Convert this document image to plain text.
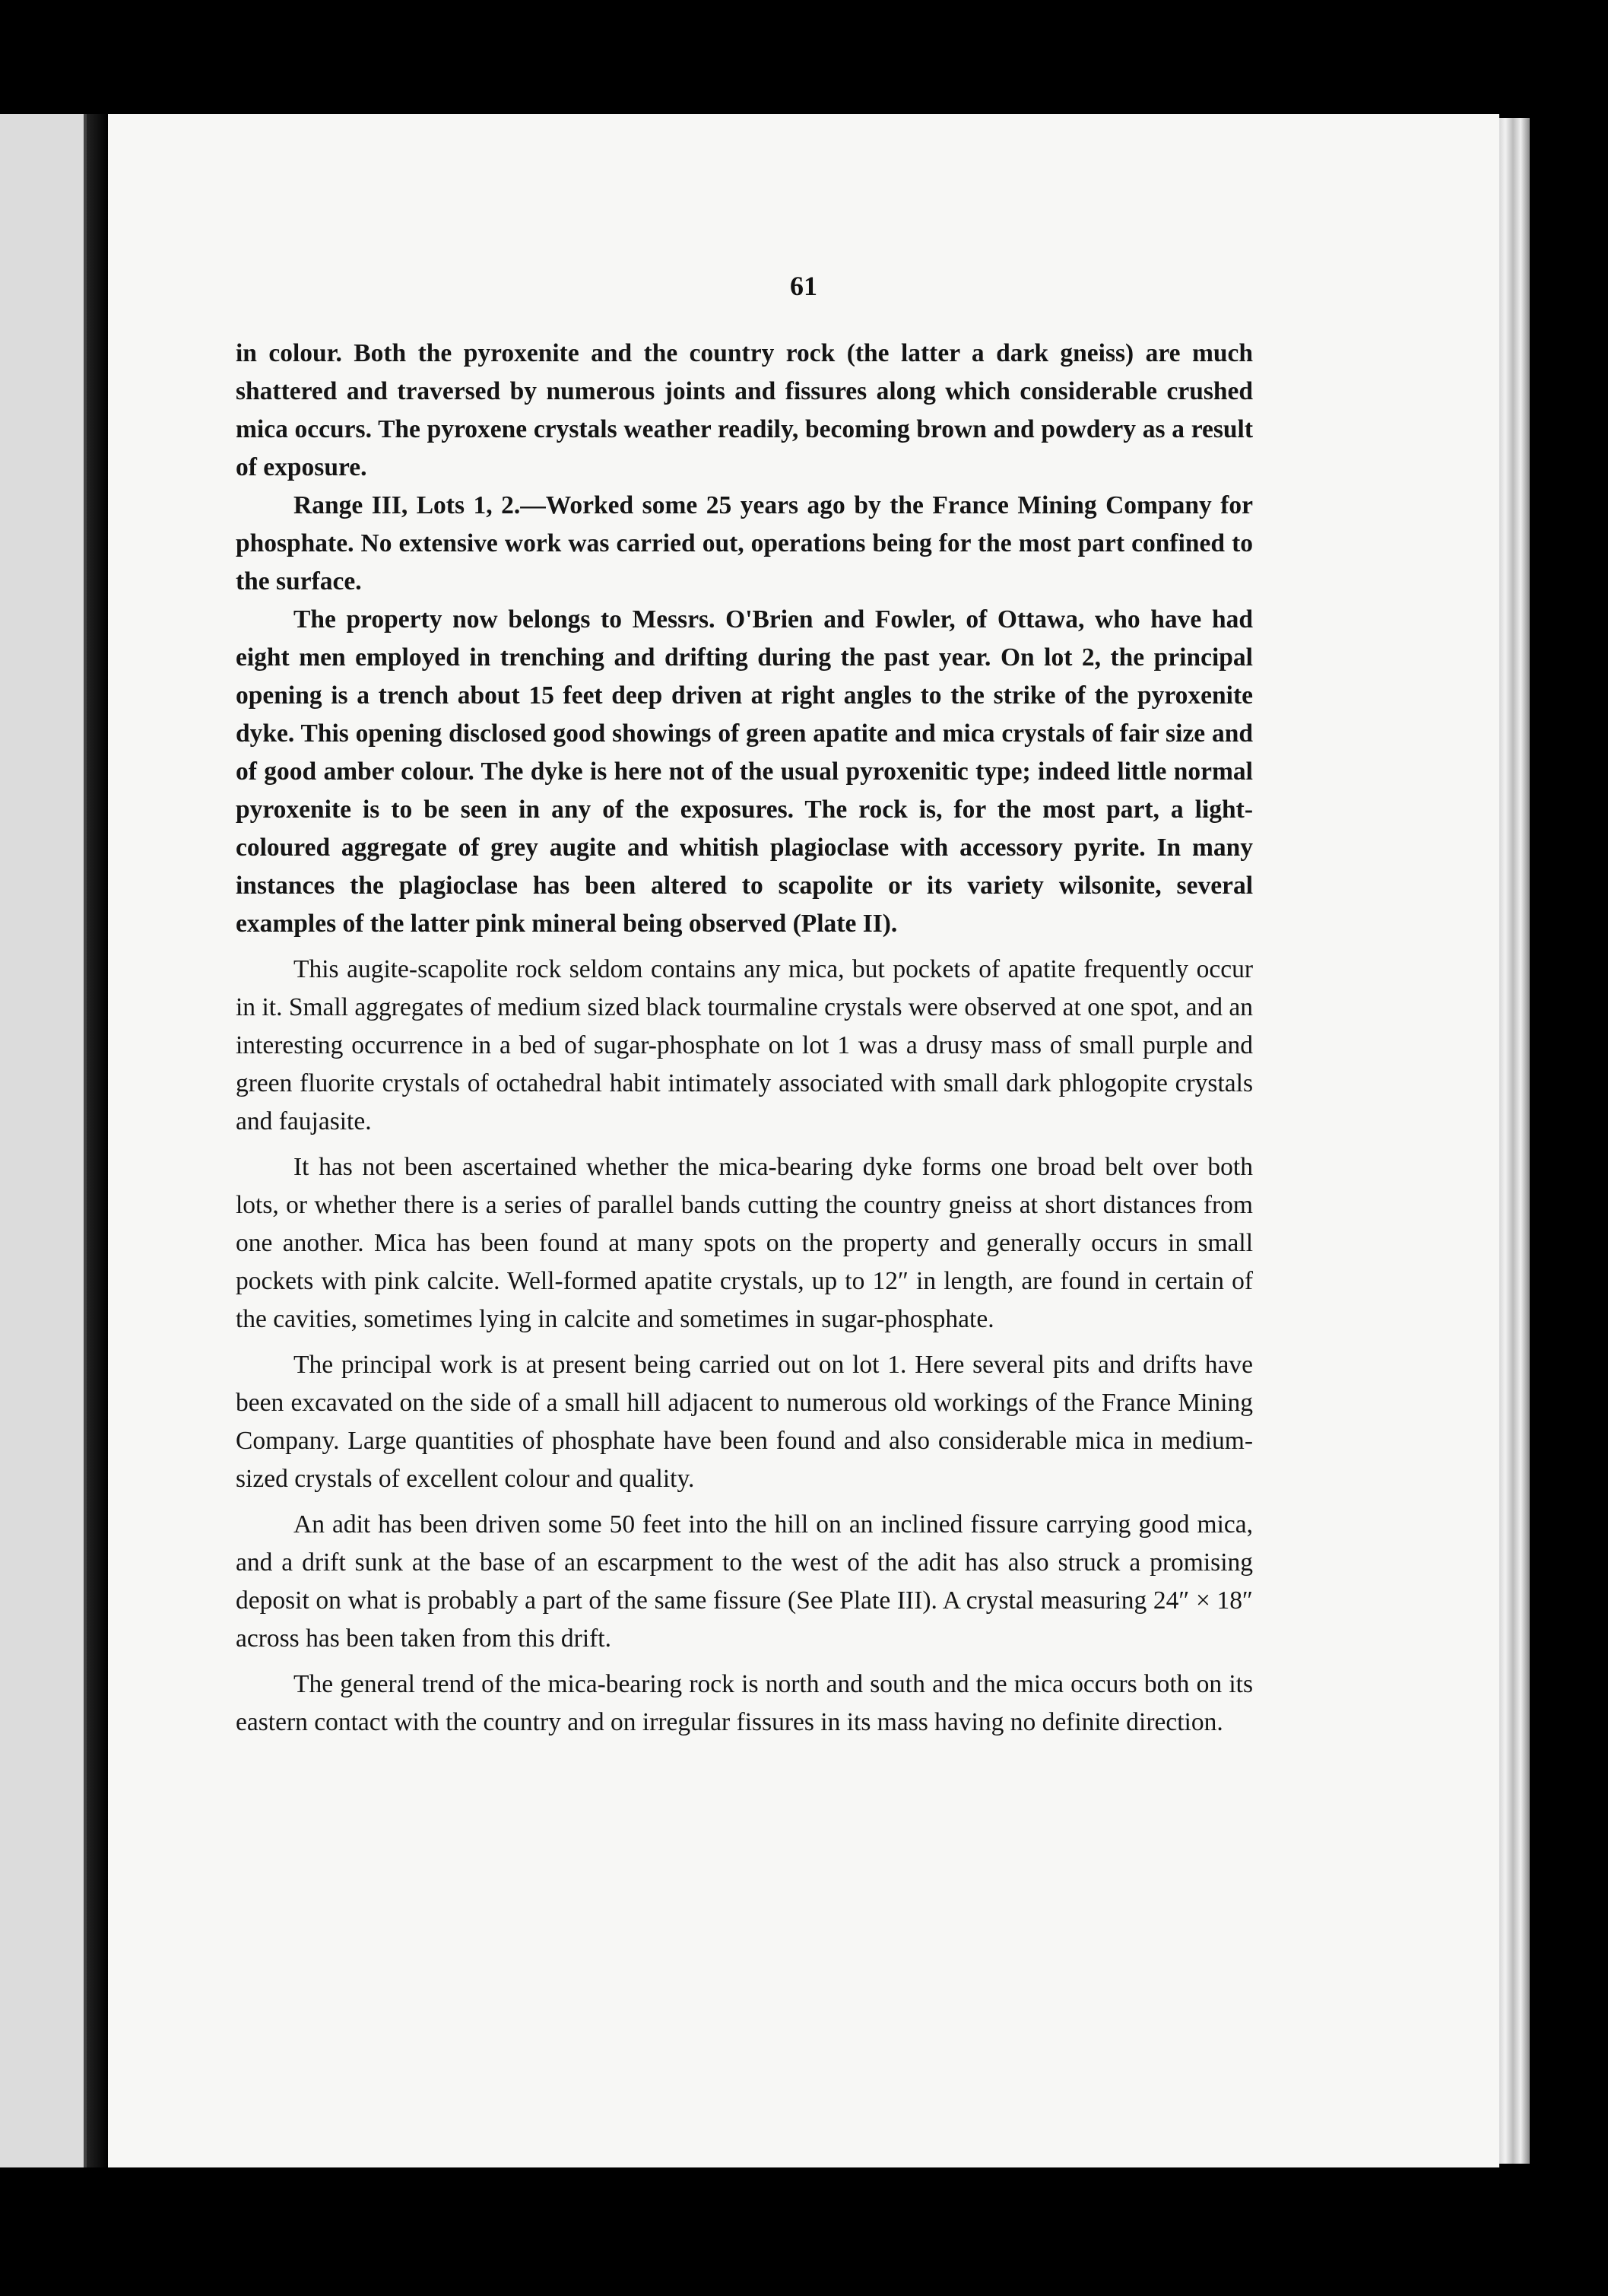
61

in colour. Both the pyroxenite and the country rock (the latter a dark gneiss) are much shattered and traversed by numerous joints and fissures along which considerable crushed mica occurs. The pyroxene crystals weather readily, becoming brown and powdery as a result of exposure.

Range III, Lots 1, 2.—Worked some 25 years ago by the France Mining Company for phosphate. No extensive work was carried out, operations being for the most part confined to the surface.

The property now belongs to Messrs. O'Brien and Fowler, of Ottawa, who have had eight men employed in trenching and drifting during the past year. On lot 2, the principal opening is a trench about 15 feet deep driven at right angles to the strike of the pyroxenite dyke. This opening disclosed good showings of green apatite and mica crystals of fair size and of good amber colour. The dyke is here not of the usual pyroxenitic type; indeed little normal pyroxenite is to be seen in any of the exposures. The rock is, for the most part, a light-coloured aggregate of grey augite and whitish plagioclase with accessory pyrite. In many instances the plagioclase has been altered to scapolite or its variety wilsonite, several examples of the latter pink mineral being observed (Plate II).

This augite-scapolite rock seldom contains any mica, but pockets of apatite frequently occur in it. Small aggregates of medium sized black tourmaline crystals were observed at one spot, and an interesting occurrence in a bed of sugar-phosphate on lot 1 was a drusy mass of small purple and green fluorite crystals of octahedral habit intimately associated with small dark phlogopite crystals and faujasite.

It has not been ascertained whether the mica-bearing dyke forms one broad belt over both lots, or whether there is a series of parallel bands cutting the country gneiss at short distances from one another. Mica has been found at many spots on the property and generally occurs in small pockets with pink calcite. Well-formed apatite crystals, up to 12″ in length, are found in certain of the cavities, sometimes lying in calcite and sometimes in sugar-phosphate.

The principal work is at present being carried out on lot 1. Here several pits and drifts have been excavated on the side of a small hill adjacent to numerous old workings of the France Mining Company. Large quantities of phosphate have been found and also considerable mica in medium-sized crystals of excellent colour and quality.

An adit has been driven some 50 feet into the hill on an inclined fissure carrying good mica, and a drift sunk at the base of an escarpment to the west of the adit has also struck a promising deposit on what is probably a part of the same fissure (See Plate III). A crystal measuring 24″ × 18″ across has been taken from this drift.

The general trend of the mica-bearing rock is north and south and the mica occurs both on its eastern contact with the country and on irregular fissures in its mass having no definite direction.
